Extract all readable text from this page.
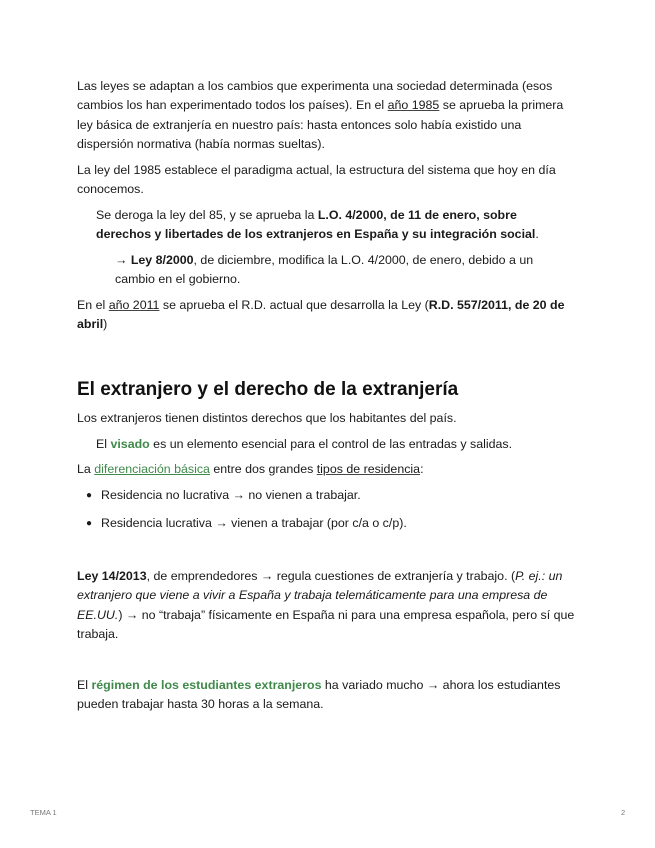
Las leyes se adaptan a los cambios que experimenta una sociedad determinada (esos cambios los han experimentado todos los países). En el año 1985 se aprueba la primera ley básica de extranjería en nuestro país: hasta entonces solo había existido una dispersión normativa (había normas sueltas).

La ley del 1985 establece el paradigma actual, la estructura del sistema que hoy en día conocemos.

Se deroga la ley del 85, y se aprueba la L.O. 4/2000, de 11 de enero, sobre derechos y libertades de los extranjeros en España y su integración social.

→ Ley 8/2000, de diciembre, modifica la L.O. 4/2000, de enero, debido a un cambio en el gobierno.

En el año 2011 se aprueba el R.D. actual que desarrolla la Ley (R.D. 557/2011, de 20 de abril)

El extranjero y el derecho de la extranjería

Los extranjeros tienen distintos derechos que los habitantes del país.

El visado es un elemento esencial para el control de las entradas y salidas.

La diferenciación básica entre dos grandes tipos de residencia:

● Residencia no lucrativa → no vienen a trabajar.
● Residencia lucrativa → vienen a trabajar (por c/a o c/p).

Ley 14/2013, de emprendedores → regula cuestiones de extranjería y trabajo. (P. ej.: un extranjero que viene a vivir a España y trabaja telemáticamente para una empresa de EE.UU.) → no “trabaja” físicamente en España ni para una empresa española, pero sí que trabaja.

El régimen de los estudiantes extranjeros ha variado mucho → ahora los estudiantes pueden trabajar hasta 30 horas a la semana.

TEMA 1	2
